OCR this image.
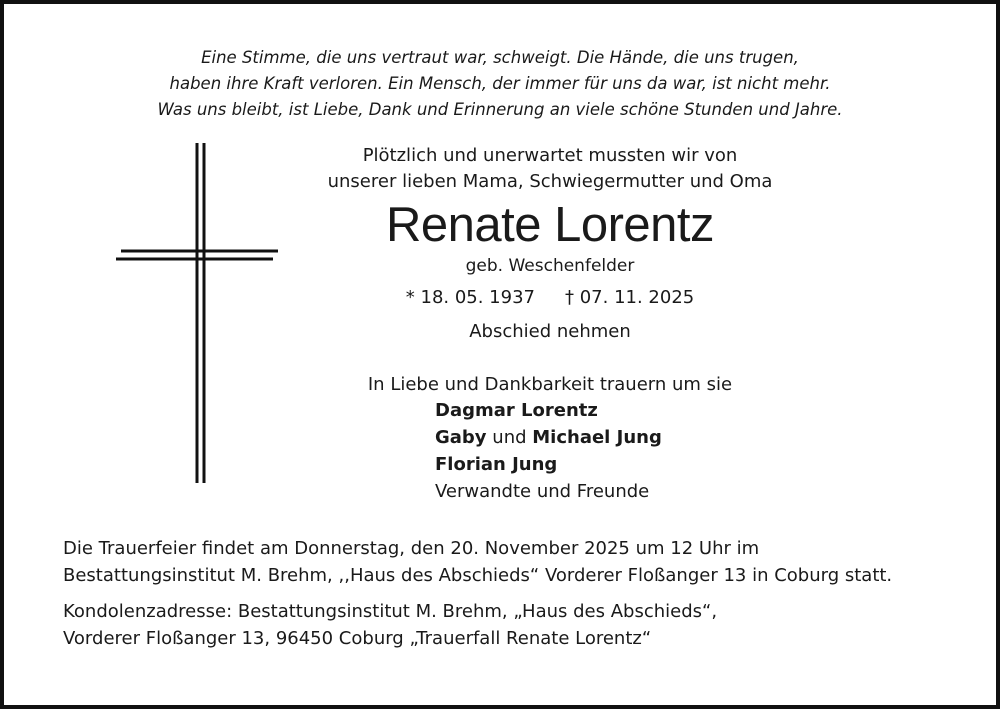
Eine Stimme, die uns vertraut war, schweigt. Die Hände, die uns trugen,
haben ihre Kraft verloren. Ein Mensch, der immer für uns da war, ist nicht mehr.
Was uns bleibt, ist Liebe, Dank und Erinnerung an viele schöne Stunden und Jahre.
Plötzlich und unerwartet mussten wir von
unserer lieben Mama, Schwiegermutter und Oma
Renate Lorentz
geb. Weschenfelder
* 18. 05. 1937 † 07. 11. 2025
Abschied nehmen
In Liebe und Dankbarkeit trauern um sie
Dagmar Lorentz
Gaby und Michael Jung
Florian Jung
Verwandte und Freunde
Die Trauerfeier findet am Donnerstag, den 20. November 2025 um 12 Uhr im
Bestattungsinstitut M. Brehm, ,,Haus des Abschieds“ Vorderer Floßanger 13 in Coburg statt.
Kondolenzadresse: Bestattungsinstitut M. Brehm, „Haus des Abschieds“,
Vorderer Floßanger 13, 96450 Coburg „Trauerfall Renate Lorentz“
